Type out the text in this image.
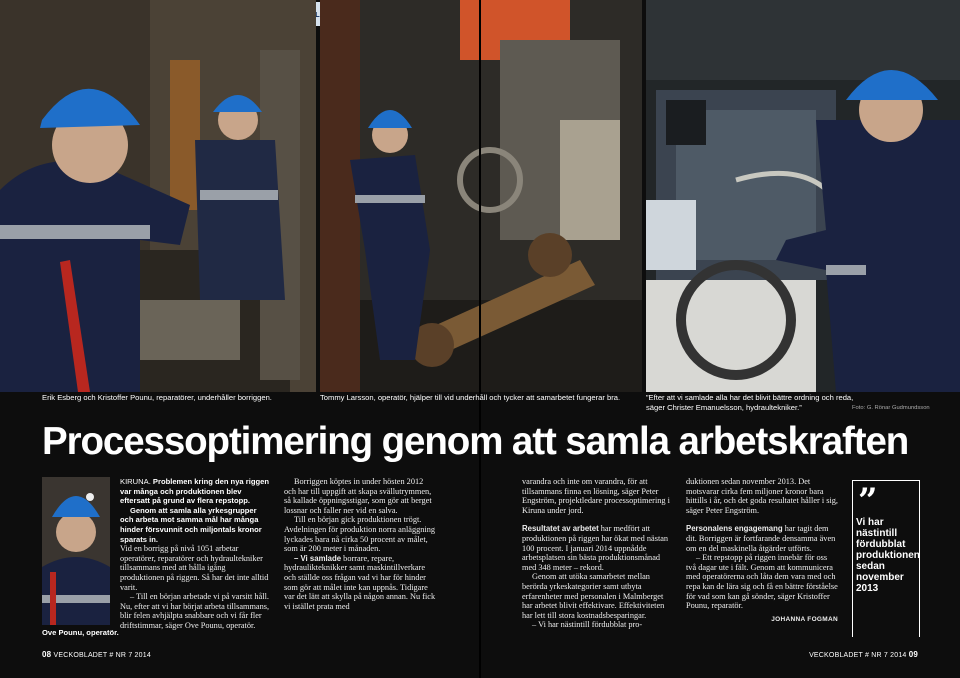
Erik Esberg och Kristoffer Pounu, reparatörer, underhåller borriggen.	Tommy Larsson, operatör, hjälper till vid underhåll och tycker att samarbetet fungerar bra.	”Efter att vi samlade alla har det blivit bättre ordning och reda,
säger Christer Emanuelsson, hydraultekniker.”	Foto: G. Rönar Gudmundsson
Processoptimering genom att samla arbetskraften
Ove Pounu, operatör.

KIRUNA. Problemen kring den nya riggen var många och produktionen blev eftersatt på grund av flera repstopp.

Genom att samla alla yrkesgrupper och arbeta mot samma mål har många hinder försvunnit och miljontals kronor sparats in.

Vid en borrigg på nivå 1051 arbetar operatörer, reparatörer och hydraultekniker tillsammans med att hålla igång produktionen på riggen. Så har det inte alltid varit.

– Till en början arbetade vi på varsitt håll. Nu, efter att vi har börjat arbeta tillsammans, blir felen avhjälpta snabbare och vi får fler driftstimmar, säger Ove Pounu, operatör.

Borriggen köptes in under hösten 2012 och har till uppgift att skapa svällutrymmen, så kallade öppningsstigar, som gör att berget lossnar och faller ner vid en salva.

Till en början gick produktionen trögt. Avdelningen för produktion norra anläggning lyckades bara nå cirka 50 procent av målet, som är 200 meter i månaden.

– Vi samlade borrare, repare, hydraulikteknikker samt maskintillverkare och ställde oss frågan vad vi har för hinder som gör att målet inte kan uppnås. Tidigare var det lätt att skylla på någon annan. Nu fick vi istället prata med

varandra och inte om varandra, för att tillsammans finna en lösning, säger Peter Engström, projektledare processoptimering i Kiruna under jord.

Resultatet av arbetet har medfört att produktionen på riggen har ökat med nästan 100 procent. I januari 2014 uppnådde arbetsplatsen sin bästa produktionsmånad med 348 meter – rekord.

Genom att utöka samarbetet mellan berörda yrkeskategorier samt utbyta erfarenheter med personalen i Malmberget har arbetet blivit effektivare. Effektiviteten har lett till stora kostnadsbesparingar.

– Vi har nästintill fördubblat pro-

duktionen sedan november 2013. Det motsvarar cirka fem miljoner kronor bara hittills i år, och det goda resultatet håller i sig, säger Peter Engström.

Personalens engagemang har tagit dem dit. Borriggen är fortfarande densamma även om en del maskinella åtgärder utförts.

– Ett repstopp på riggen innebär för oss två dagar ute i fält. Genom att kommunicera med operatörerna och låta dem vara med och repa kan de lära sig och få en bättre förståelse för vad som kan gå sönder, säger Kristoffer Pounu, reparatör.

JOHANNA FOGMAN
”
Vi har nästintill fördubblat produktionen sedan november 2013
08 VECKOBLADET # NR 7 2014	VECKOBLADET # NR 7 2014 09
